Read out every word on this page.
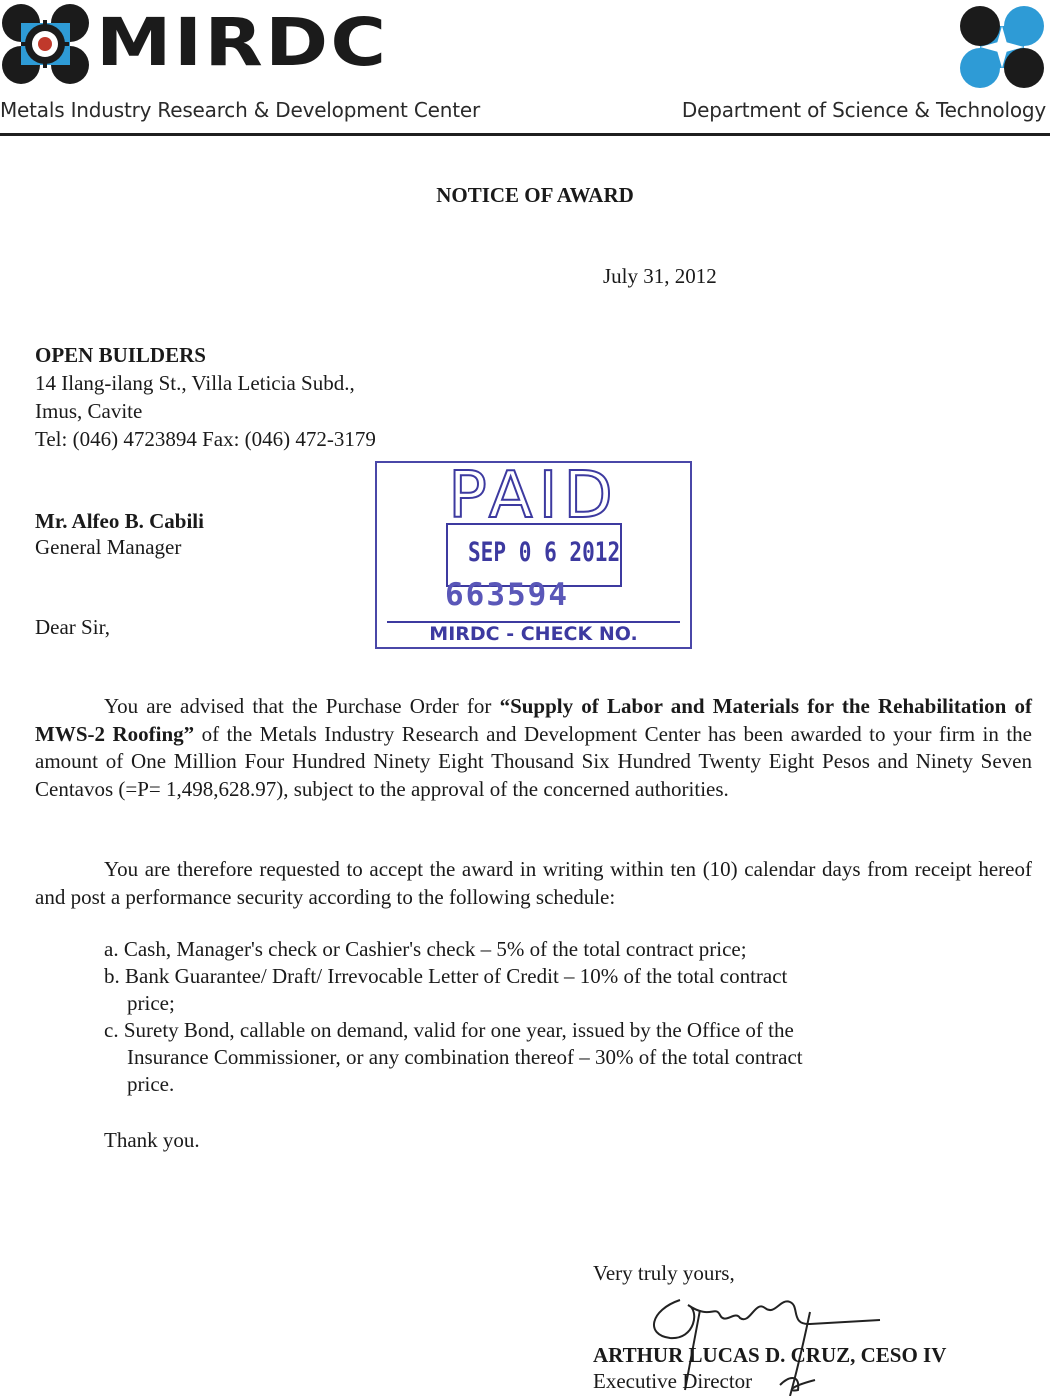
MIRDC
Metals Industry Research & Development Center	Department of Science & Technology
NOTICE OF AWARD
July 31, 2012
OPEN BUILDERS
14 Ilang-ilang St., Villa Leticia Subd.,
Imus, Cavite
Tel: (046) 4723894 Fax: (046) 472-3179
Mr. Alfeo B. Cabili
General Manager
Dear Sir,
PAID
SEP 0 6 2012
663594
MIRDC - CHECK NO.
You are advised that the Purchase Order for “Supply of Labor and Materials for the Rehabilitation of MWS-2 Roofing” of the Metals Industry Research and Development Center has been awarded to your firm in the amount of One Million Four Hundred Ninety Eight Thousand Six Hundred Twenty Eight Pesos and Ninety Seven Centavos (=P= 1,498,628.97), subject to the approval of the concerned authorities.
You are therefore requested to accept the award in writing within ten (10) calendar days from receipt hereof and post a performance security according to the following schedule:
a. Cash, Manager's check or Cashier's check – 5% of the total contract price;
b. Bank Guarantee/ Draft/ Irrevocable Letter of Credit – 10% of the total contract
price;
c. Surety Bond, callable on demand, valid for one year, issued by the Office of the
Insurance Commissioner, or any combination thereof – 30% of the total contract
price.
Thank you.
Very truly yours,
ARTHUR LUCAS D. CRUZ, CESO IV
Executive Director
